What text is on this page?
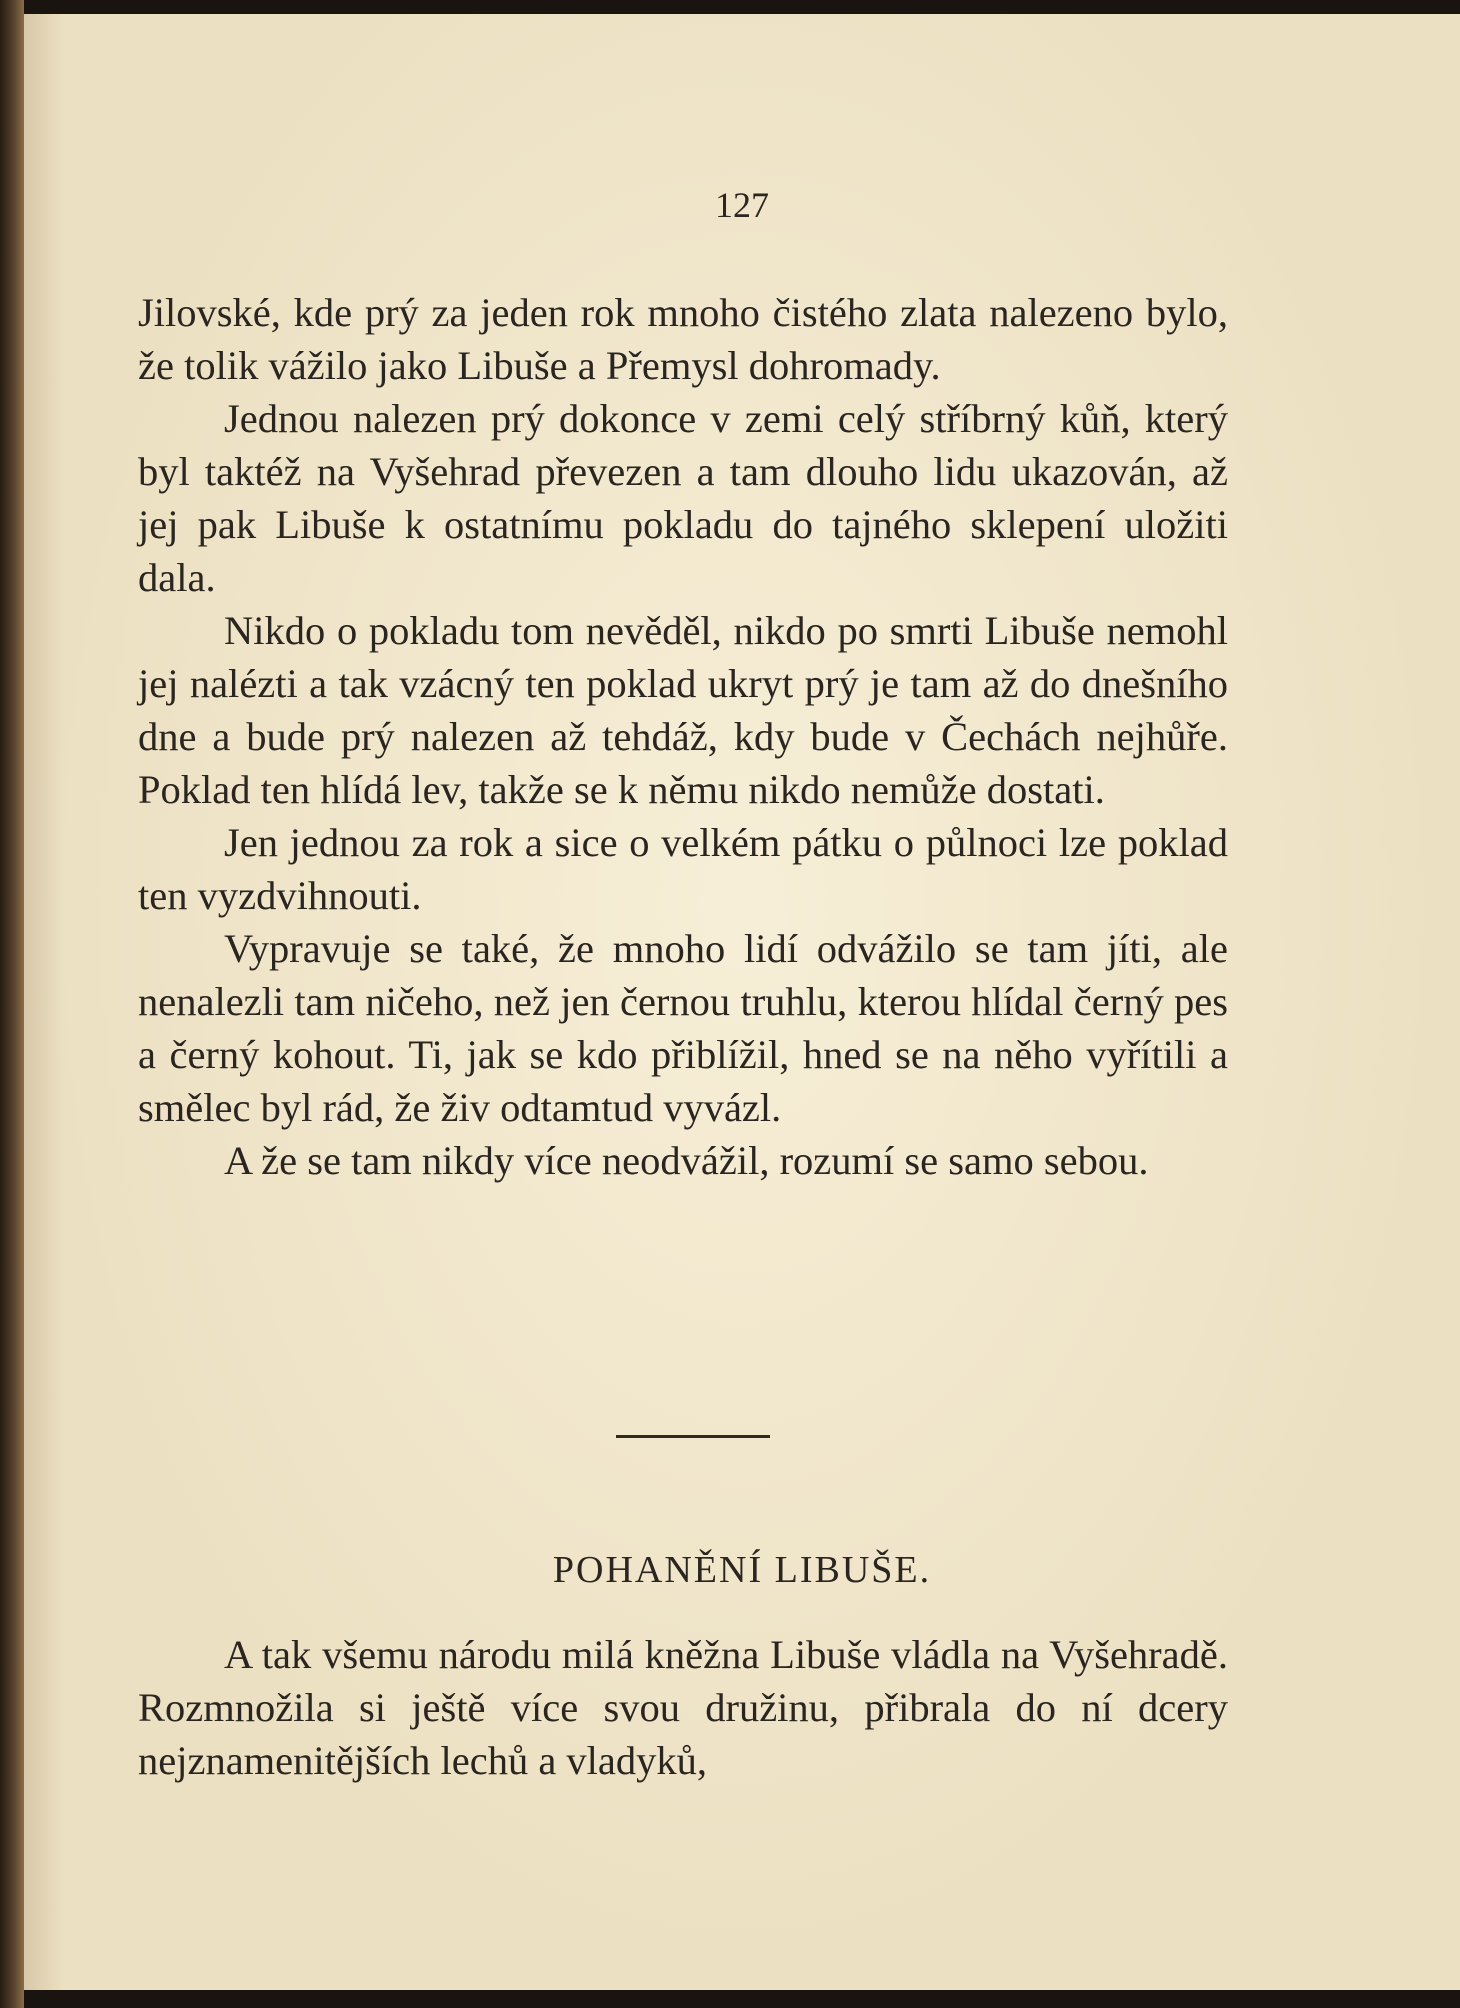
127

Jilovské, kde prý za jeden rok mnoho čistého zlata nalezeno bylo, že tolik vážilo jako Libuše a Přemysl dohromady.

Jednou nalezen prý dokonce v zemi celý stříbrný kůň, který byl taktéž na Vyšehrad převezen a tam dlouho lidu ukazován, až jej pak Libuše k ostatnímu pokladu do tajného sklepení uložiti dala.

Nikdo o pokladu tom nevěděl, nikdo po smrti Libuše nemohl jej nalézti a tak vzácný ten poklad ukryt prý je tam až do dnešního dne a bude prý nalezen až tehdáž, kdy bude v Čechách nejhůře. Poklad ten hlídá lev, takže se k němu nikdo nemůže dostati.

Jen jednou za rok a sice o velkém pátku o půlnoci lze poklad ten vyzdvihnouti.

Vypravuje se také, že mnoho lidí odvážilo se tam jíti, ale nenalezli tam ničeho, než jen černou truhlu, kterou hlídal černý pes a černý kohout. Ti, jak se kdo přiblížil, hned se na něho vyřítili a smělec byl rád, že živ odtamtud vyvázl.

A že se tam nikdy více neodvážil, rozumí se samo sebou.

POHANĚNÍ LIBUŠE.

A tak všemu národu milá kněžna Libuše vládla na Vyšehradě. Rozmnožila si ještě více svou družinu, přibrala do ní dcery nejznamenitějších lechů a vladyků,
